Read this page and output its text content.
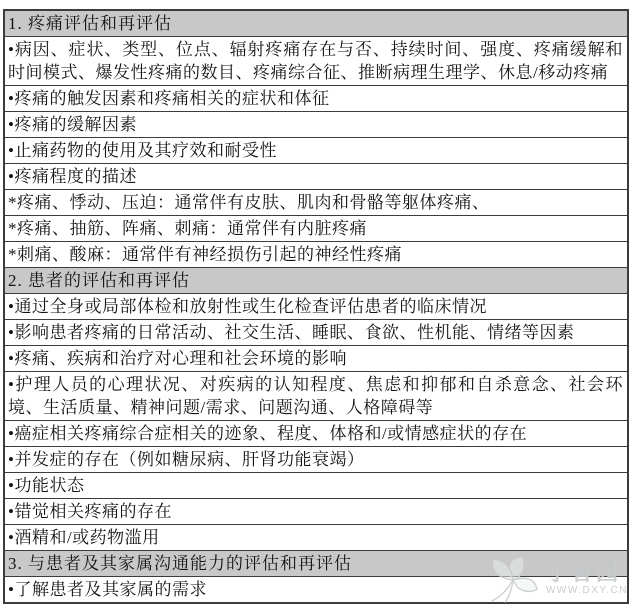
1. 疼痛评估和再评估
•病因、症状、类型、位点、辐射疼痛存在与否、持续时间、强度、疼痛缓解和时间模式、爆发性疼痛的数目、疼痛综合征、推断病理生理学、休息/移动疼痛
•疼痛的触发因素和疼痛相关的症状和体征
•疼痛的缓解因素
•止痛药物的使用及其疗效和耐受性
•疼痛程度的描述
*疼痛、悸动、压迫：通常伴有皮肤、肌肉和骨骼等躯体疼痛、
*疼痛、抽筋、阵痛、刺痛：通常伴有内脏疼痛
*刺痛、酸麻：通常伴有神经损伤引起的神经性疼痛
2. 患者的评估和再评估
•通过全身或局部体检和放射性或生化检查评估患者的临床情况
•影响患者疼痛的日常活动、社交生活、睡眠、食欲、性机能、情绪等因素
•疼痛、疾病和治疗对心理和社会环境的影响
•护理人员的心理状况、对疾病的认知程度、焦虑和抑郁和自杀意念、社会环境、生活质量、精神问题/需求、问题沟通、人格障碍等
•癌症相关疼痛综合症相关的迹象、程度、体格和/或情感症状的存在
•并发症的存在（例如糖尿病、肝肾功能衰竭）
•功能状态
•错觉相关疼痛的存在
•酒精和/或药物滥用
3. 与患者及其家属沟通能力的评估和再评估
•了解患者及其家属的需求
丁香园
WWW.DXY.CN
